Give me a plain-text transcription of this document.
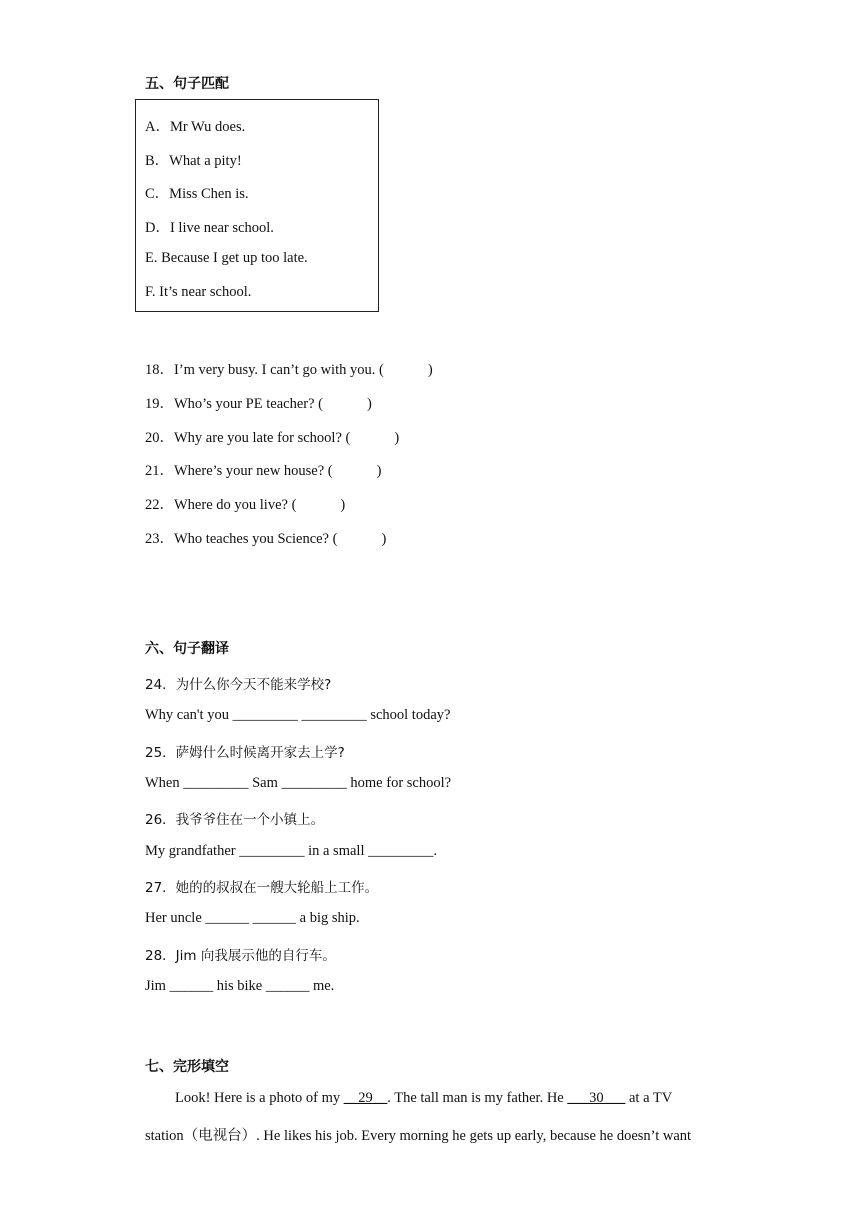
五、句子匹配
A．Mr Wu does.
B．What a pity!
C．Miss Chen is.
D．I live near school.
E. Because I get up too late.
F. It’s near school.
18．I’m very busy. I can’t go with you. (	)
19．Who’s your PE teacher? (	)
20．Why are you late for school? (	)
21．Where’s your new house? (	)
22．Where do you live? (	)
23．Who teaches you Science? (	)
六、句子翻译
24．为什么你今天不能来学校?
Why can't you _________ _________ school today?
25．萨姆什么时候离开家去上学?
When _________ Sam _________ home for school?
26．我爷爷住在一个小镇上。
My grandfather _________ in a small _________.
27．她的的叔叔在一艘大轮船上工作。
Her uncle ______ ______ a big ship.
28．Jim 向我展示他的自行车。
Jim ______ his bike ______ me.
七、完形填空
Look! Here is a photo of my __29__. The tall man is my father. He ___30___ at a TV
station（电视台）. He likes his job. Every morning he gets up early, because he doesn’t want
